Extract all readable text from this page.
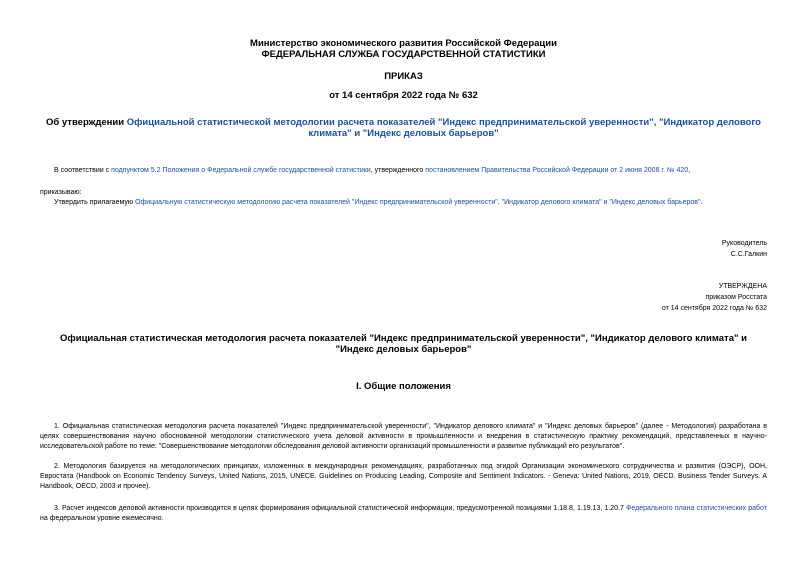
Министерство экономического развития Российской Федерации
ФЕДЕРАЛЬНАЯ СЛУЖБА ГОСУДАРСТВЕННОЙ СТАТИСТИКИ
ПРИКАЗ
от 14 сентября 2022 года № 632
Об утверждении Официальной статистической методологии расчета показателей "Индекс предпринимательской уверенности", "Индикатор делового климата" и "Индекс деловых барьеров"
В соответствии с подпунктом 5.2 Положения о Федеральной службе государственной статистики, утвержденного постановлением Правительства Российской Федерации от 2 июня 2008 г. № 420,
приказываю:
Утвердить прилагаемую Официальную статистическую методологию расчета показателей "Индекс предпринимательской уверенности", "Индикатор делового климата" и "Индекс деловых барьеров".
Руководитель
С.С.Галкин
УТВЕРЖДЕНА
приказом Росстата
от 14 сентября 2022 года № 632
Официальная статистическая методология расчета показателей "Индекс предпринимательской уверенности", "Индикатор делового климата" и "Индекс деловых барьеров"
I. Общие положения
1. Официальная статистическая методология расчета показателей "Индекс предпринимательской уверенности", "Индикатор делового климата" и "Индекс деловых барьеров" (далее - Методология) разработана в целях совершенствования научно обоснованной методологии статистического учета деловой активности в промышленности и внедрения в статистическую практику рекомендаций, представленных в научно-исследовательской работе по теме: "Совершенствование методологии обследования деловой активности организаций промышленности и развитие публикаций его результатов".
2. Методология базируется на методологических принципах, изложенных в международных рекомендациях, разработанных под эгидой Организации экономического сотрудничества и развития (ОЭСР), ООН, Евростата (Handbook on Economic Tendency Surveys, United Nations, 2015, UNECE. Guidelines on Producing Leading, Composite and Sentiment Indicators. - Geneva: United Nations, 2019, OECD. Business Tender Surveys. A Handbook, OECD, 2003 и прочее).
3. Расчет индексов деловой активности производится в целях формирования официальной статистической информации, предусмотренной позициями 1.18.8, 1.19.13, 1.20.7 Федерального плана статистических работ на федеральном уровне ежемесячно.
